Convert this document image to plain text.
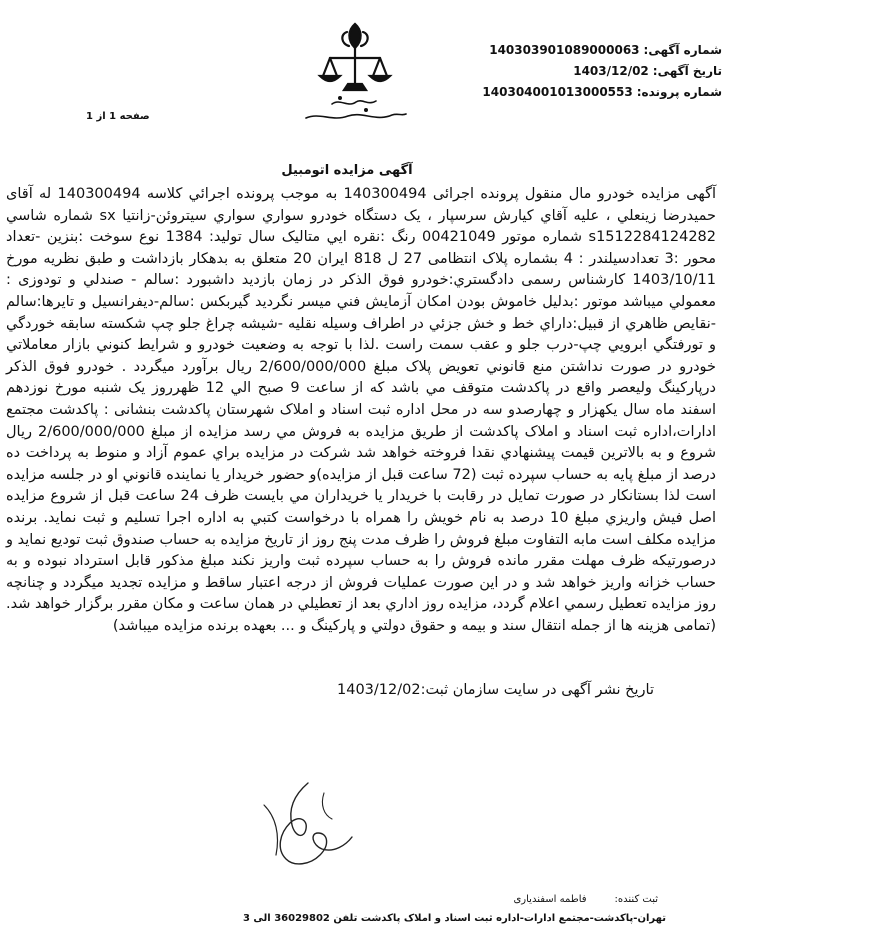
شماره آگهی:140303901089000063
تاریخ آگهی:1403/12/02
شماره پرونده:140304001013000553
صفحه 1 از 1
آگهی مزایده اتومبیل

آگهی مزایده خودرو مال منقول پرونده اجرائی 140300494 به موجب پرونده اجرائي كلاسه 140300494 له آقای حمیدرضا زینعلي ، علیه آقاي كيارش سرسپار ، يک دستگاه خودرو سواري سواري سيتروئن-زانتيا sx شماره شاسي s1512284124282 شماره موتور 00421049 رنگ :نقره ايي متاليک سال توليد: 1384 نوع سوخت :بنزين -تعداد محور :3 تعدادسيلندر : 4 بشماره پلاک انتظامی 27 ل 818 ايران 20 متعلق به بدهكار بازداشت و طبق نظريه مورخ 1403/10/11 كارشناس رسمی دادگستري:خودرو فوق الذكر در زمان بازديد داشبورد :سالم - صندلي و تودوزی : معمولي ميباشد موتور :بدليل خاموش بودن امكان آزمايش فني ميسر نگرديد گيربكس :سالم-ديفرانسيل و تايرها:سالم -نقايص ظاهري از قبيل:داراي خط و خش جزئي در اطراف وسيله نقليه -شيشه چراغ جلو چپ شكسته سابقه خوردگي و تورفتگي ابرويي چپ-درب جلو و عقب سمت راست .لذا با توجه به وضعيت خودرو و شرايط كنوني بازار معاملاتي خودرو در صورت نداشتن منع قانوني تعويض پلاک مبلغ 2/600/000/000 ريال برآورد ميگردد . خودرو فوق الذكر درپاركينگ وليعصر واقع در پاكدشت متوقف مي باشد كه از ساعت 9 صبح الي 12 ظهرروز يک شنبه مورخ نوزدهم اسفند ماه سال يكهزار و چهارصدو سه در محل اداره ثبت اسناد و املاک شهرستان پاكدشت بنشانی : پاكدشت مجتمع ادارات،اداره ثبت اسناد و املاک پاكدشت از طريق مزايده به فروش مي رسد مزايده از مبلغ 2/600/000/000 ريال شروع و به بالاترين قيمت پيشنهادي نقدا فروخته خواهد شد شركت در مزايده براي عموم آزاد و منوط به پرداخت ده درصد از مبلغ پايه به حساب سپرده ثبت (72 ساعت قبل از مزايده)و حضور خريدار يا نماينده قانوني او در جلسه مزايده است لذا بستانكار در صورت تمايل در رقابت با خريدار يا خريداران مي بايست ظرف 24 ساعت قبل از شروع مزايده اصل فيش واريزي مبلغ 10 درصد به نام خويش را همراه با درخواست كتبي به اداره اجرا تسليم و ثبت نمايد. برنده مزايده مكلف است مابه التفاوت مبلغ فروش را ظرف مدت پنج روز از تاريخ مزايده به حساب صندوق ثبت توديع نمايد و درصورتيكه ظرف مهلت مقرر مانده فروش را به حساب سپرده ثبت واريز نكند مبلغ مذكور قابل استرداد نبوده و به حساب خزانه واريز خواهد شد و در اين صورت عمليات فروش از درجه اعتبار ساقط و مزايده تجديد ميگردد و چنانچه روز مزايده تعطيل رسمي اعلام گردد، مزايده روز اداري بعد از تعطيلي در همان ساعت و مكان مقرر برگزار خواهد شد. (تمامی هزينه ها از جمله انتقال سند و بيمه و حقوق دولتي و پاركينگ و ... بعهده برنده مزايده ميباشد)

تاریخ نشر آگهی در سایت سازمان ثبت:1403/12/02
ثبت کننده:فاطمه اسفندیاری
تهران-پاکدشت-مجتمع ادارات-اداره ثبت اسناد و املاک پاکدشت تلفن 36029802 الی 3
